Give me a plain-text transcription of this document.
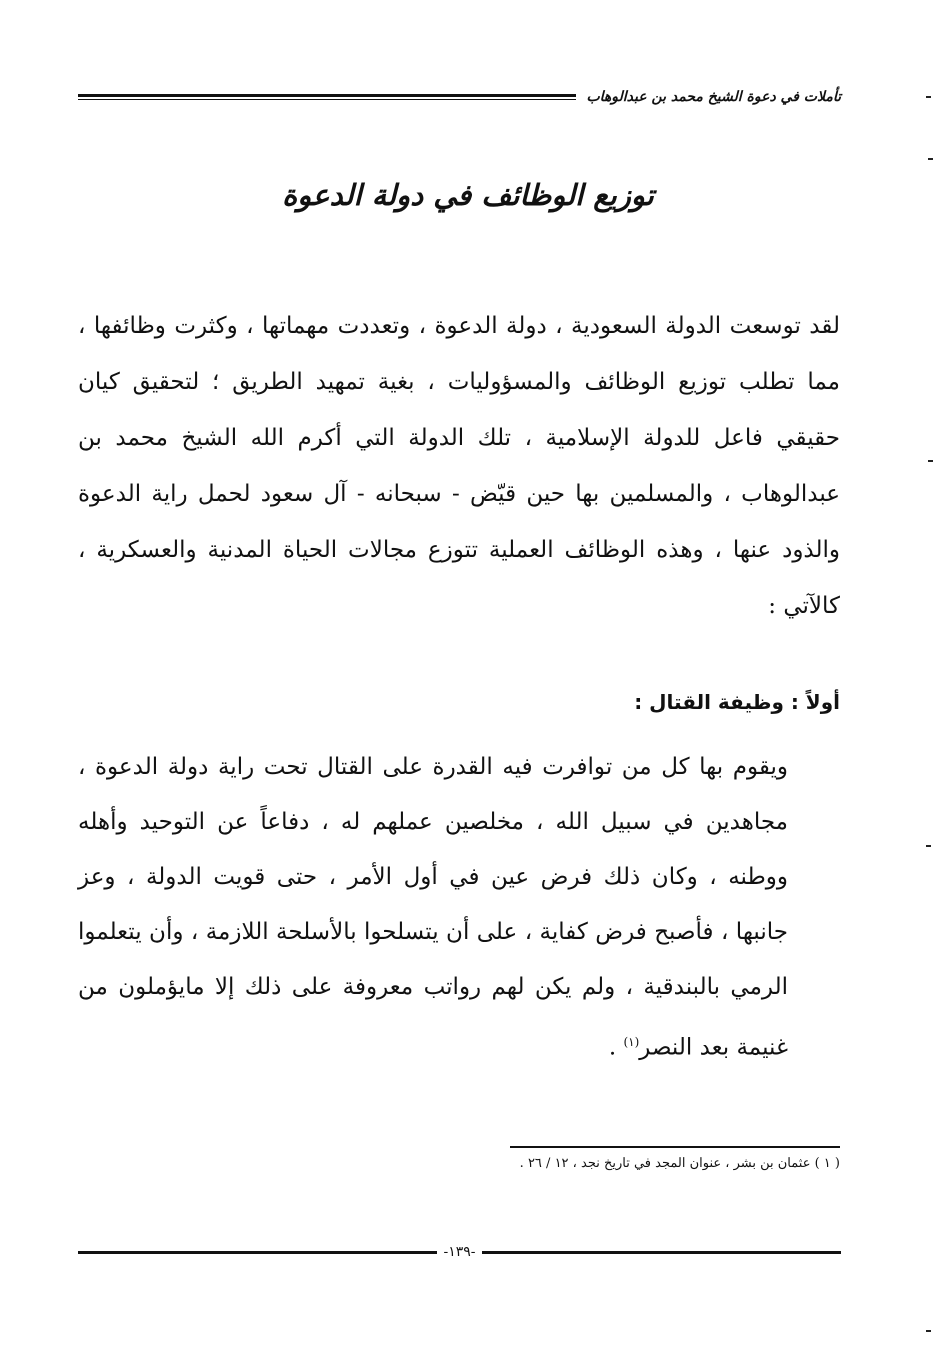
تأملات في دعوة الشيخ محمد بن عبدالوهاب
توزيع الوظائف في دولة الدعوة

لقد توسعت الدولة السعودية ، دولة الدعوة ، وتعددت مهماتها ، وكثرت وظائفها ، مما تطلب توزيع الوظائف والمسؤوليات ، بغية تمهيد الطريق ؛ لتحقيق كيان حقيقي فاعل للدولة الإسلامية ، تلك الدولة التي أكرم الله الشيخ محمد بن عبدالوهاب ، والمسلمين بها حين قيّض - سبحانه - آل سعود لحمل راية الدعوة والذود عنها ، وهذه الوظائف العملية تتوزع مجالات الحياة المدنية والعسكرية ، كالآتي :

أولاً : وظيفة القتال :

ويقوم بها كل من توافرت فيه القدرة على القتال تحت راية دولة الدعوة ، مجاهدين في سبيل الله ، مخلصين عملهم له ، دفاعاً عن التوحيد وأهله ووطنه ، وكان ذلك فرض عين في أول الأمر ، حتى قويت الدولة ، وعز جانبها ، فأصبح فرض كفاية ، على أن يتسلحوا بالأسلحة اللازمة ، وأن يتعلموا الرمي بالبندقية ، ولم يكن لهم رواتب معروفة على ذلك إلا مايؤملون من غنيمة بعد النصر$^{(١)}$ .

( ١ ) عثمان بن بشر ، عنوان المجد في تاريخ نجد ، ١٢ / ٢٦ .
-١٣٩-
